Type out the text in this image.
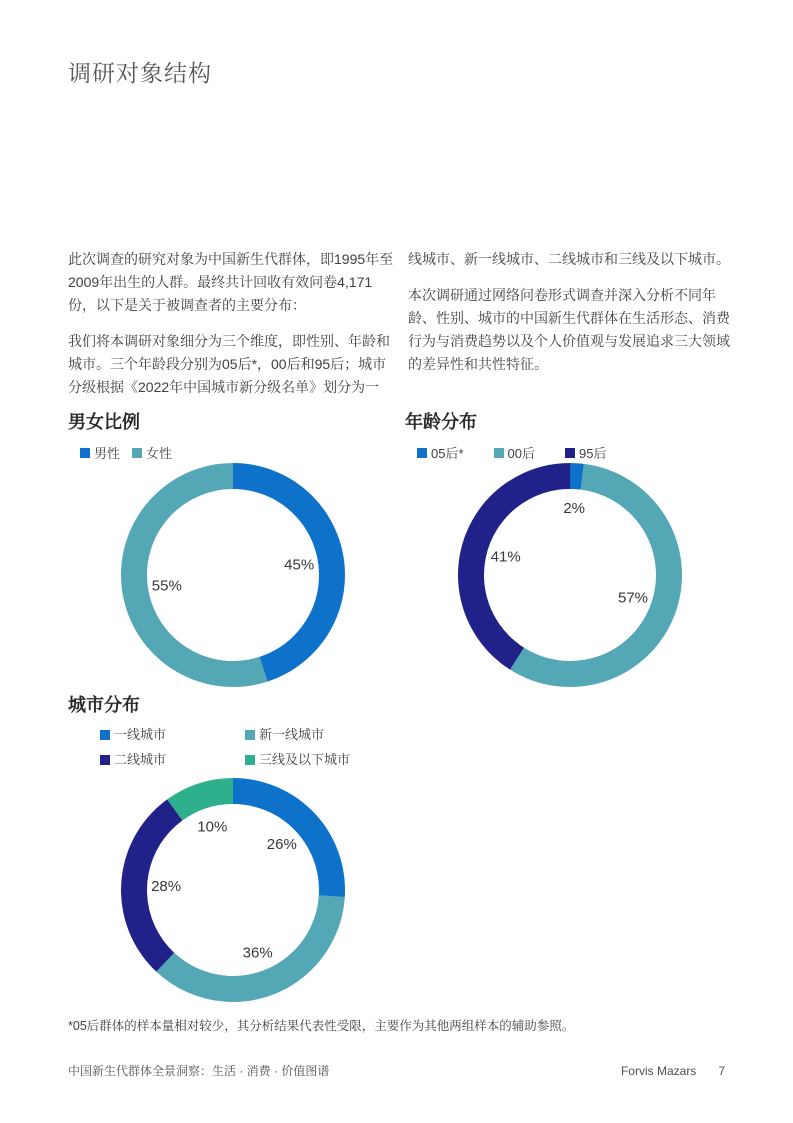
调研对象结构

此次调查的研究对象为中国新生代群体，即1995年至2009年出生的人群。最终共计回收有效问卷4,171份，以下是关于被调查者的主要分布：

我们将本调研对象细分为三个维度，即性别、年龄和城市。三个年龄段分别为05后*，00后和95后；城市分级根据《2022年中国城市新分级名单》划分为一

线城市、新一线城市、二线城市和三线及以下城市。

本次调研通过网络问卷形式调查并深入分析不同年龄、性别、城市的中国新生代群体在生活形态、消费行为与消费趋势以及个人价值观与发展追求三大领域的差异性和共性特征。

男女比例
男性 女性
45%
55%
年龄分布
05后*	00后	95后
2%
57%
41%
城市分布
一线城市	新一线城市
二线城市	三线及以下城市
26%
36%
28%
10%

*05后群体的样本量相对较少，其分析结果代表性受限，主要作为其他两组样本的辅助参照。

中国新生代群体全景洞察：生活 · 消费 · 价值图谱	Forvis Mazars 7
